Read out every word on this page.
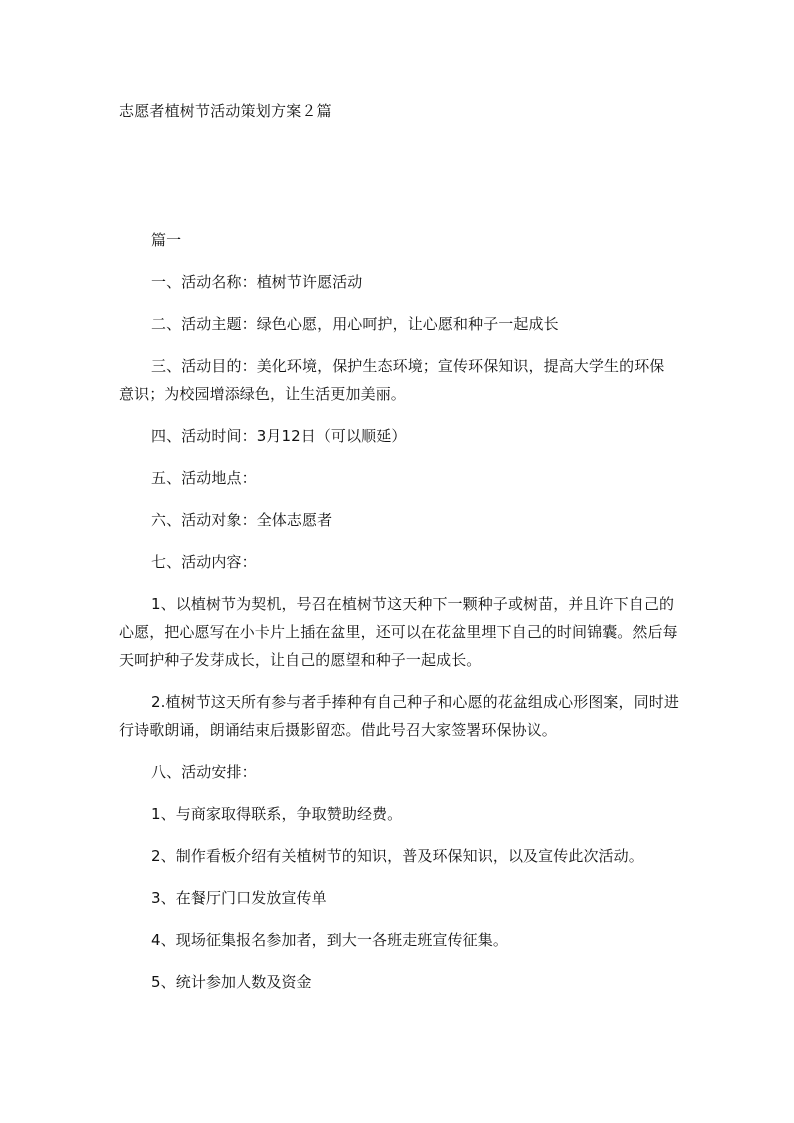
志愿者植树节活动策划方案２篇

篇一

一、活动名称：植树节许愿活动

二、活动主题：绿色心愿，用心呵护，让心愿和种子一起成长

三、活动目的：美化环境，保护生态环境；宣传环保知识，提高大学生的环保意识；为校园增添绿色，让生活更加美丽。

四、活动时间：3月12日（可以顺延）

五、活动地点：

六、活动对象：全体志愿者

七、活动内容：

1、以植树节为契机，号召在植树节这天种下一颗种子或树苗，并且许下自己的心愿，把心愿写在小卡片上插在盆里，还可以在花盆里埋下自己的时间锦囊。然后每天呵护种子发芽成长，让自己的愿望和种子一起成长。

2.植树节这天所有参与者手捧种有自己种子和心愿的花盆组成心形图案，同时进行诗歌朗诵，朗诵结束后摄影留恋。借此号召大家签署环保协议。

八、活动安排：

1、与商家取得联系，争取赞助经费。

2、制作看板介绍有关植树节的知识，普及环保知识，以及宣传此次活动。

3、在餐厅门口发放宣传单

4、现场征集报名参加者，到大一各班走班宣传征集。

5、统计参加人数及资金
